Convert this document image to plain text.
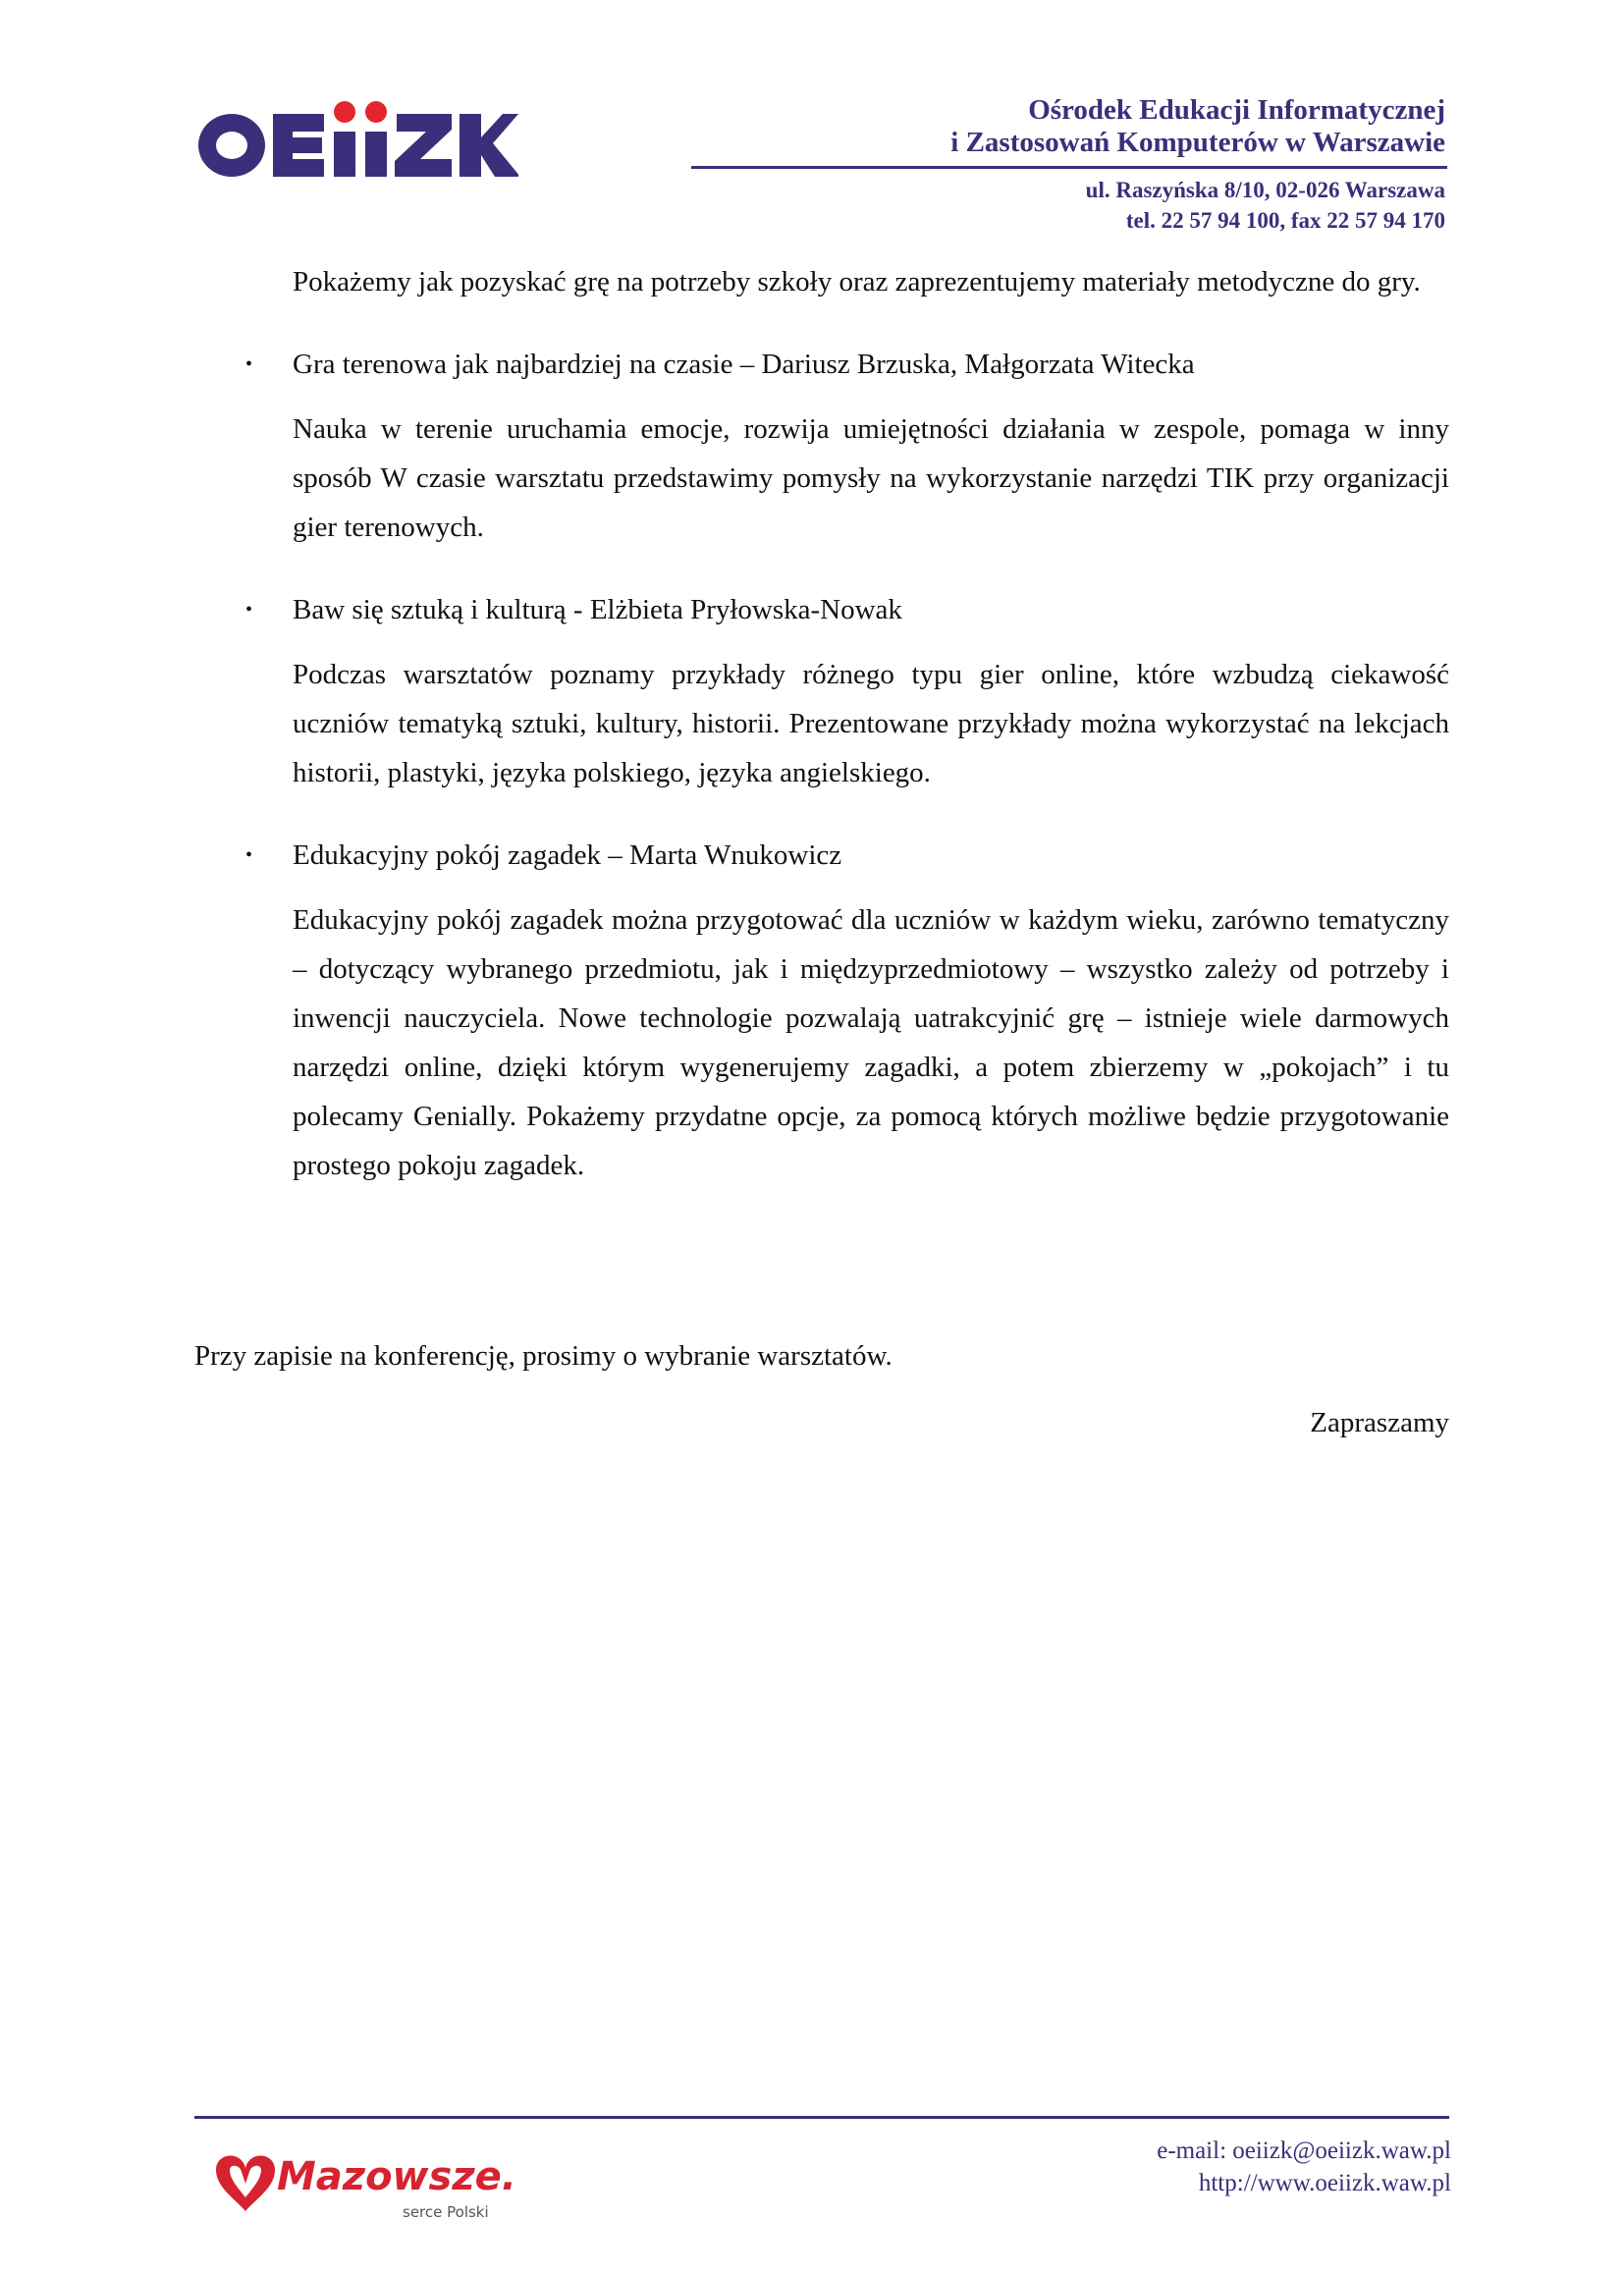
Ośrodek Edukacji Informatycznej
i Zastosowań Komputerów w Warszawie
ul. Raszyńska 8/10, 02-026 Warszawa
tel. 22 57 94 100, fax 22 57 94 170
Pokażemy jak pozyskać grę na potrzeby szkoły oraz zaprezentujemy materiały metodyczne do gry.
• Gra terenowa jak najbardziej na czasie – Dariusz Brzuska, Małgorzata Witecka
Nauka w terenie uruchamia emocje, rozwija umiejętności działania w zespole, pomaga w inny sposób W czasie warsztatu przedstawimy pomysły na wykorzystanie narzędzi TIK przy organizacji gier terenowych.
• Baw się sztuką i kulturą - Elżbieta Pryłowska-Nowak
Podczas warsztatów poznamy przykłady różnego typu gier online, które wzbudzą ciekawość uczniów tematyką sztuki, kultury, historii. Prezentowane przykłady można wykorzystać na lekcjach historii, plastyki, języka polskiego, języka angielskiego.
• Edukacyjny pokój zagadek – Marta Wnukowicz
Edukacyjny pokój zagadek można przygotować dla uczniów w każdym wieku, zarówno tematyczny – dotyczący wybranego przedmiotu, jak i międzyprzedmiotowy – wszystko zależy od potrzeby i inwencji nauczyciela. Nowe technologie pozwalają uatrakcyjnić grę – istnieje wiele darmowych narzędzi online, dzięki którym wygenerujemy zagadki, a potem zbierzemy w „pokojach” i tu polecamy Genially. Pokażemy przydatne opcje, za pomocą których możliwe będzie przygotowanie prostego pokoju zagadek.
Przy zapisie na konferencję, prosimy o wybranie warsztatów.
Zapraszamy
Mazowsze.
serce Polski
e-mail: oeiizk@oeiizk.waw.pl
http://www.oeiizk.waw.pl
